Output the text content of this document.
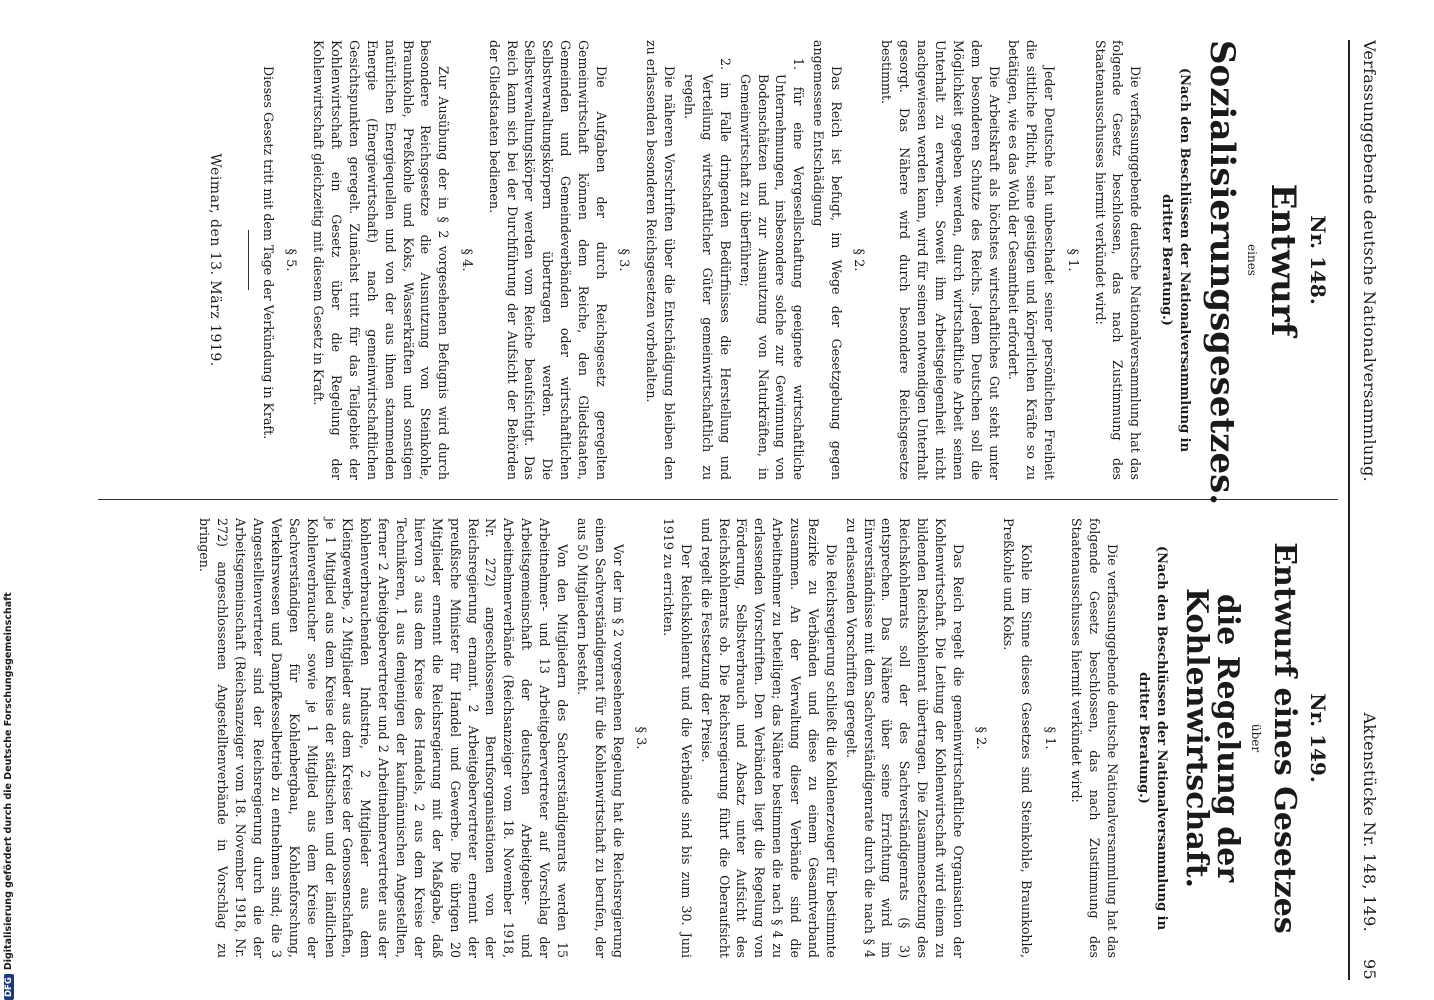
Verfassunggebende deutsche Nationalversammlung.
Aktenstücke Nr. 148, 149.
95
Nr. 148.
Entwurf
eines
Sozialisierungsgesetzes.
(Nach den Beschlüssen der Nationalversammlung in dritter Beratung.)

Die verfassunggebende deutsche Nationalversammlung hat das folgende Gesetz beschlossen, das nach Zustimmung des Staatenausschusses hiermit verkündet wird:

§ 1.

Jeder Deutsche hat unbeschadet seiner persönlichen Freiheit die sittliche Pflicht, seine geistigen und körperlichen Kräfte so zu betätigen, wie es das Wohl der Gesamtheit erfordert.

Die Arbeitskraft als höchstes wirtschaftliches Gut steht unter dem besonderen Schutze des Reichs. Jedem Deutschen soll die Möglichkeit gegeben werden, durch wirtschaftliche Arbeit seinen Unterhalt zu erwerben. Soweit ihm Arbeitsgelegenheit nicht nachgewiesen werden kann, wird für seinen notwendigen Unterhalt gesorgt. Das Nähere wird durch besondere Reichsgesetze bestimmt.

§ 2.

Das Reich ist befugt, im Wege der Gesetzgebung gegen angemessene Entschädigung

1. für eine Vergesellschaftung geeignete wirtschaftliche Unternehmungen, insbesondere solche zur Gewinnung von Bodenschätzen und zur Ausnutzung von Naturkräften, in Gemeinwirtschaft zu überführen;

2. im Falle dringenden Bedürfnisses die Herstellung und Verteilung wirtschaftlicher Güter gemeinwirtschaftlich zu regeln.

Die näheren Vorschriften über die Entschädigung bleiben den zu erlassenden besonderen Reichsgesetzen vorbehalten.

§ 3.

Die Aufgaben der durch Reichsgesetz geregelten Gemeinwirtschaft können dem Reiche, den Gliedstaaten, Gemeinden und Gemeindeverbänden oder wirtschaftlichen Selbstverwaltungskörpern übertragen werden. Die Selbstverwaltungskörper werden vom Reiche beaufsichtigt. Das Reich kann sich bei der Durchführung der Aufsicht der Behörden der Gliedstaaten bedienen.

§ 4.

Zur Ausübung der in § 2 vorgesehenen Befugnis wird durch besondere Reichsgesetze die Ausnutzung von Steinkohle, Braunkohle, Preßkohle und Koks, Wasserkräften und sonstigen natürlichen Energiequellen und von der aus ihnen stammenden Energie (Energiewirtschaft) nach gemeinwirtschaftlichen Gesichtspunkten geregelt. Zunächst tritt für das Teilgebiet der Kohlenwirtschaft ein Gesetz über die Regelung der Kohlenwirtschaft gleichzeitig mit diesem Gesetz in Kraft.

§ 5.

Dieses Gesetz tritt mit dem Tage der Verkündung in Kraft.

Weimar, den 13. März 1919.
Nr. 149.
Entwurf eines Gesetzes
über
die Regelung der Kohlenwirtschaft.
(Nach den Beschlüssen der Nationalversammlung in dritter Beratung.)

Die verfassunggebende deutsche Nationalversammlung hat das folgende Gesetz beschlossen, das nach Zustimmung des Staatenausschusses hiermit verkündet wird:

§ 1.

Kohle im Sinne dieses Gesetzes sind Steinkohle, Braunkohle, Preßkohle und Koks.

§ 2.

Das Reich regelt die gemeinwirtschaftliche Organisation der Kohlenwirtschaft. Die Leitung der Kohlenwirtschaft wird einem zu bildenden Reichskohlenrat übertragen. Die Zusammensetzung des Reichskohlenrats soll der des Sachverständigenrats (§ 3) entsprechen. Das Nähere über seine Errichtung wird im Einverständnisse mit dem Sachverständigenrate durch die nach § 4 zu erlassenden Vorschriften geregelt.

Die Reichsregierung schließt die Kohlenerzeuger für bestimmte Bezirke zu Verbänden und diese zu einem Gesamtverband zusammen. An der Verwaltung dieser Verbände sind die Arbeitnehmer zu beteiligen; das Nähere bestimmen die nach § 4 zu erlassenden Vorschriften. Den Verbänden liegt die Regelung von Förderung, Selbstverbrauch und Absatz unter Aufsicht des Reichskohlenrats ob. Die Reichsregierung führt die Oberaufsicht und regelt die Festsetzung der Preise.

Der Reichskohlenrat und die Verbände sind bis zum 30. Juni 1919 zu errichten.

§ 3.

Vor der im § 2 vorgesehenen Regelung hat die Reichsregierung einen Sachverständigenrat für die Kohlenwirtschaft zu berufen, der aus 50 Mitgliedern besteht.

Von den Mitgliedern des Sachverständigenrats werden 15 Arbeitnehmer- und 13 Arbeitgebervertreter auf Vorschlag der Arbeitsgemeinschaft der deutschen Arbeitgeber- und Arbeitnehmerverbände (Reichsanzeiger vom 18. November 1918, Nr. 272) angeschlossenen Berufsorganisationen von der Reichsregierung ernannt. 2 Arbeitgebervertreter ernennt der preußische Minister für Handel und Gewerbe. Die übrigen 20 Mitglieder ernennt die Reichsregierung mit der Maßgabe, daß hiervon 3 aus dem Kreise des Handels, 2 aus dem Kreise der Technikeren, 1 aus demjenigen der kaufmännischen Angestellten, ferner 2 Arbeitgebervertreter und 2 Arbeitnehmervertreter aus der kohlenverbrauchenden Industrie, 2 Mitglieder aus dem Kleingewerbe, 2 Mitglieder aus dem Kreise der Genossenschaften, je 1 Mitglied aus dem Kreise der städtischen und der ländlichen Kohlenverbraucher sowie je 1 Mitglied aus dem Kreise der Sachverständigen für Kohlenbergbau, Kohlenforschung, Verkehrswesen und Dampfkesselbetrieb zu entnehmen sind; die 3 Angestelltenvertreter sind der Reichsregierung durch die der Arbeitsgemeinschaft (Reichsanzeiger vom 18. November 1918, Nr. 272) angeschlossenen Angestelltenverbände in Vorschlag zu bringen.

DFGDigitalisierung gefördert durch die Deutsche Forschungsgemeinschaft
